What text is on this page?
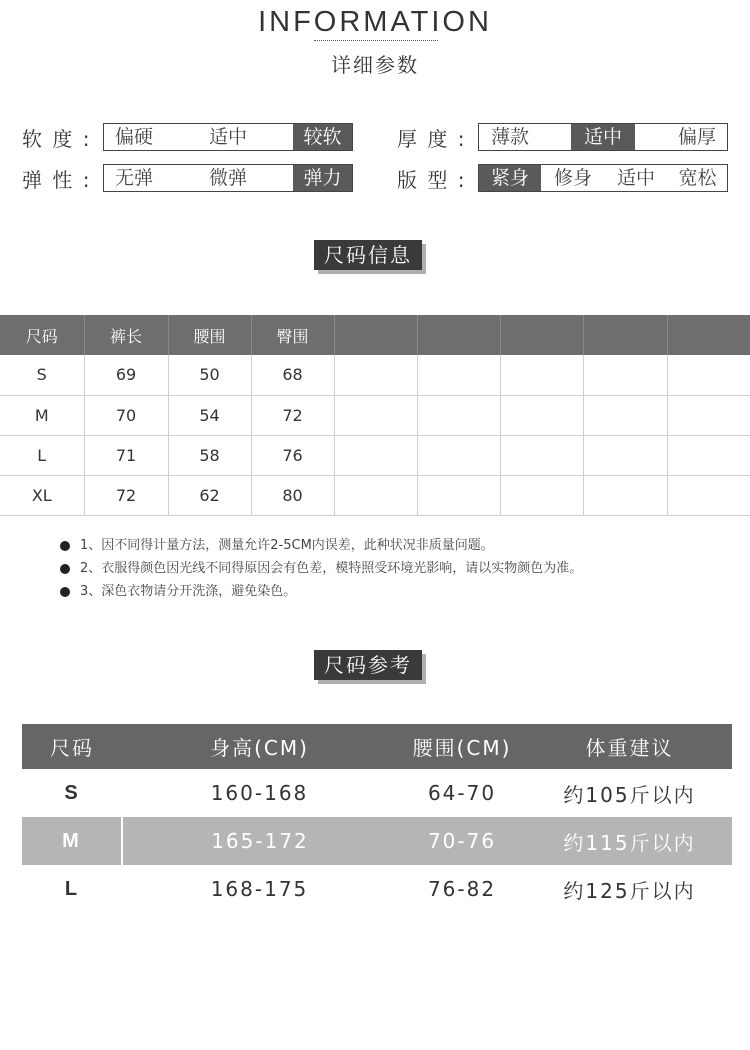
INFORMATION
详细参数
软 度 :	偏硬	适中	较软
弹 性 :	无弹	微弹	弹力
厚 度 :	薄款	适中	偏厚
版 型 :	紧身	修身	适中	宽松
尺码信息
尺码	裤长	腰围	臀围					
S	69	50	68					
M	70	54	72					
L	71	58	76					
XL	72	62	80					
1、因不同得计量方法，测量允许2-5CM内误差，此种状况非质量问题。
2、衣服得颜色因光线不同得原因会有色差，模特照受环境光影响，请以实物颜色为准。
3、深色衣物请分开洗涤，避免染色。
尺码参考
尺码	身高(CM)	腰围(CM)	体重建议
S	160-168	64-70	约105斤以内
M	165-172	70-76	约115斤以内
L	168-175	76-82	约125斤以内
